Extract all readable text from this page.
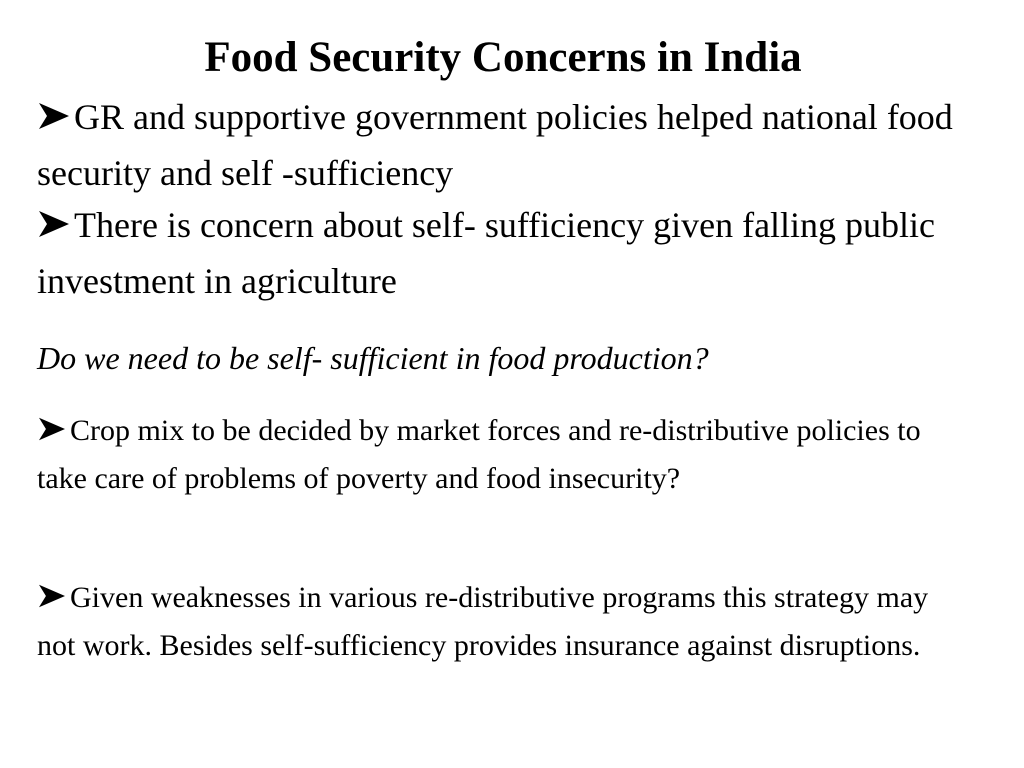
Food Security Concerns in India
GR and supportive government policies helped national food security and self -sufficiency
There is concern about self- sufficiency given falling public investment in agriculture
Do we need to be self- sufficient in food production?
Crop mix to be decided by market forces and re-distributive policies to take care of problems of poverty and food insecurity?
Given weaknesses in various re-distributive programs this strategy may not work. Besides self-sufficiency provides insurance against disruptions.
